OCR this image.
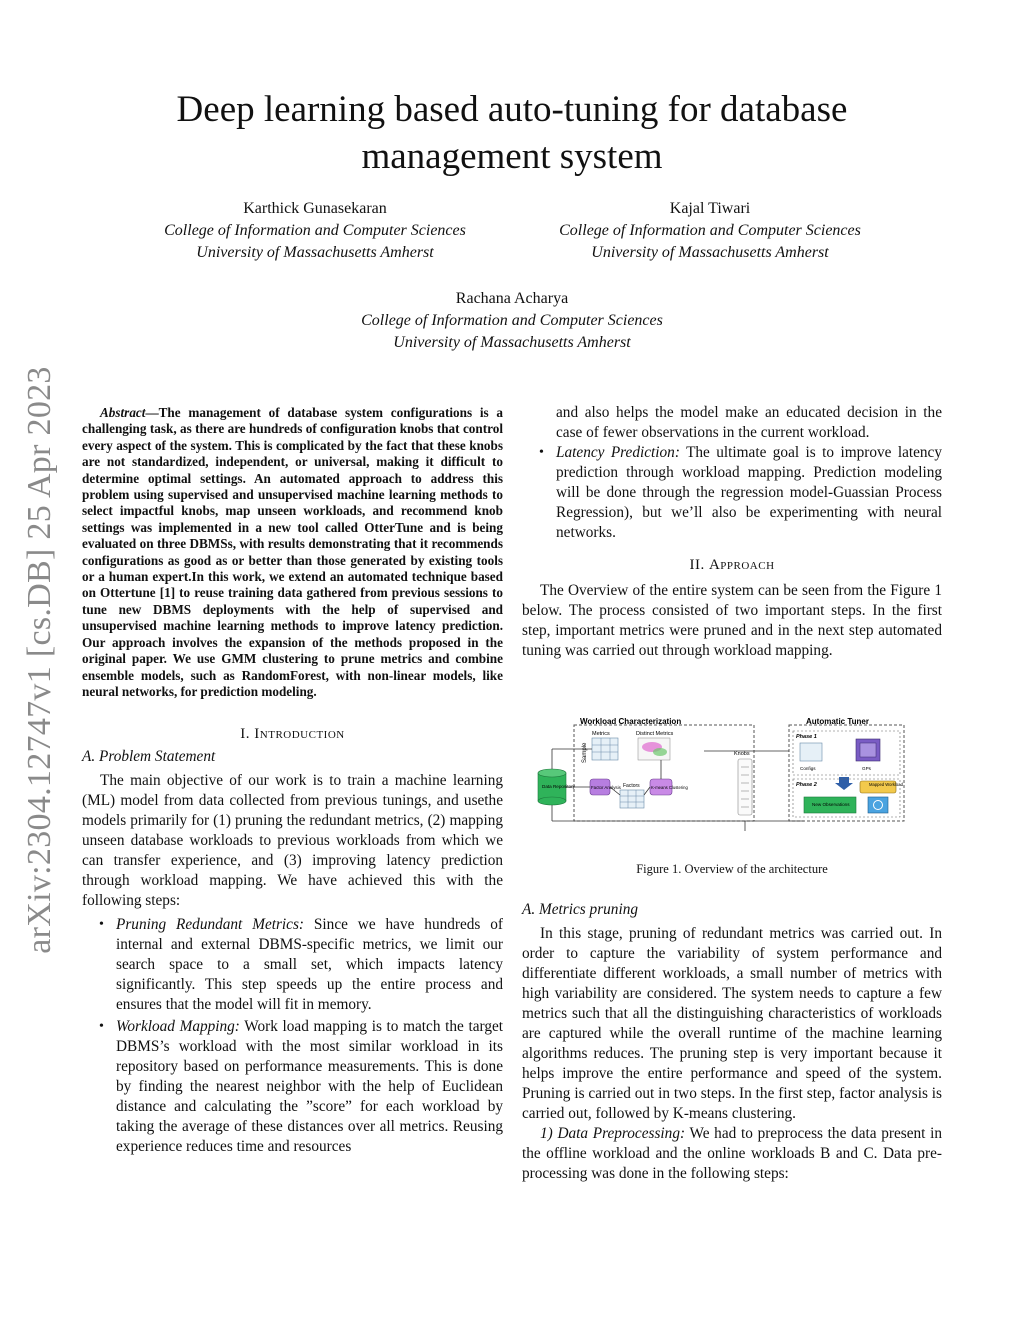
arXiv:2304.12747v1 [cs.DB] 25 Apr 2023
Deep learning based auto-tuning for database
management system
Karthick Gunasekaran
College of Information and Computer Sciences
University of Massachusetts Amherst
Kajal Tiwari
College of Information and Computer Sciences
University of Massachusetts Amherst
Rachana Acharya
College of Information and Computer Sciences
University of Massachusetts Amherst

Abstract—The management of database system configurations is a challenging task, as there are hundreds of configuration knobs that control every aspect of the system. This is complicated by the fact that these knobs are not standardized, independent, or universal, making it difficult to determine optimal settings. An automated approach to address this problem using supervised and unsupervised machine learning methods to select impactful knobs, map unseen workloads, and recommend knob settings was implemented in a new tool called OtterTune and is being evaluated on three DBMSs, with results demonstrating that it recommends configurations as good as or better than those generated by existing tools or a human expert.In this work, we extend an automated technique based on Ottertune [1] to reuse training data gathered from previous sessions to tune new DBMS deployments with the help of supervised and unsupervised machine learning methods to improve latency prediction. Our approach involves the expansion of the methods proposed in the original paper. We use GMM clustering to prune metrics and combine ensemble models, such as RandomForest, with non-linear models, like neural networks, for prediction modeling.

I. Introduction
A. Problem Statement

The main objective of our work is to train a machine learning (ML) model from data collected from previous tunings, and usethe models primarily for (1) pruning the redundant metrics, (2) mapping unseen database workloads to previous workloads from which we can transfer experience, and (3) improving latency prediction through workload mapping. We have achieved this with the following steps:

• Pruning Redundant Metrics: Since we have hundreds of internal and external DBMS-specific metrics, we limit our search space to a small set, which impacts latency significantly. This step speeds up the entire process and ensures that the model will fit in memory.
• Workload Mapping: Work load mapping is to match the target DBMS’s workload with the most similar workload in its repository based on performance measurements. This is done by finding the nearest neighbor with the help of Euclidean distance and calculating the ”score” for each workload by taking the average of these distances over all metrics. Reusing experience reduces time and resources

and also helps the model make an educated decision in the case of fewer observations in the current workload.

• Latency Prediction: The ultimate goal is to improve latency prediction through workload mapping. Prediction modeling will be done through the regression model-Guassian Process Regression), but we’ll also be experimenting with neural networks.
II. Approach

The Overview of the entire system can be seen from the Figure 1 below. The process consisted of two important steps. In the first step, important metrics were pruned and in the next step automated tuning was carried out through workload mapping.

Workload Characterization	Automatic Tuner
Sample
Metrics	Distinct Metrics
Data Repository	Factor Analysis Factors	K-means Clustering
Knobs
Phase 1
Configs	GPs
Phase 2	Mapped Workload
New Observations
Figure 1. Overview of the architecture
A. Metrics pruning

In this stage, pruning of redundant metrics was carried out. In order to capture the variability of system performance and differentiate different workloads, a small number of metrics with high variability are considered. The system needs to capture a few metrics such that all the distinguishing characteristics of workloads are captured while the overall runtime of the machine learning algorithms reduces. The pruning step is very important because it helps improve the entire performance and speed of the system. Pruning is carried out in two steps. In the first step, factor analysis is carried out, followed by K-means clustering.

1) Data Preprocessing: We had to preprocess the data present in the offline workload and the online workloads B and C. Data pre-processing was done in the following steps:
